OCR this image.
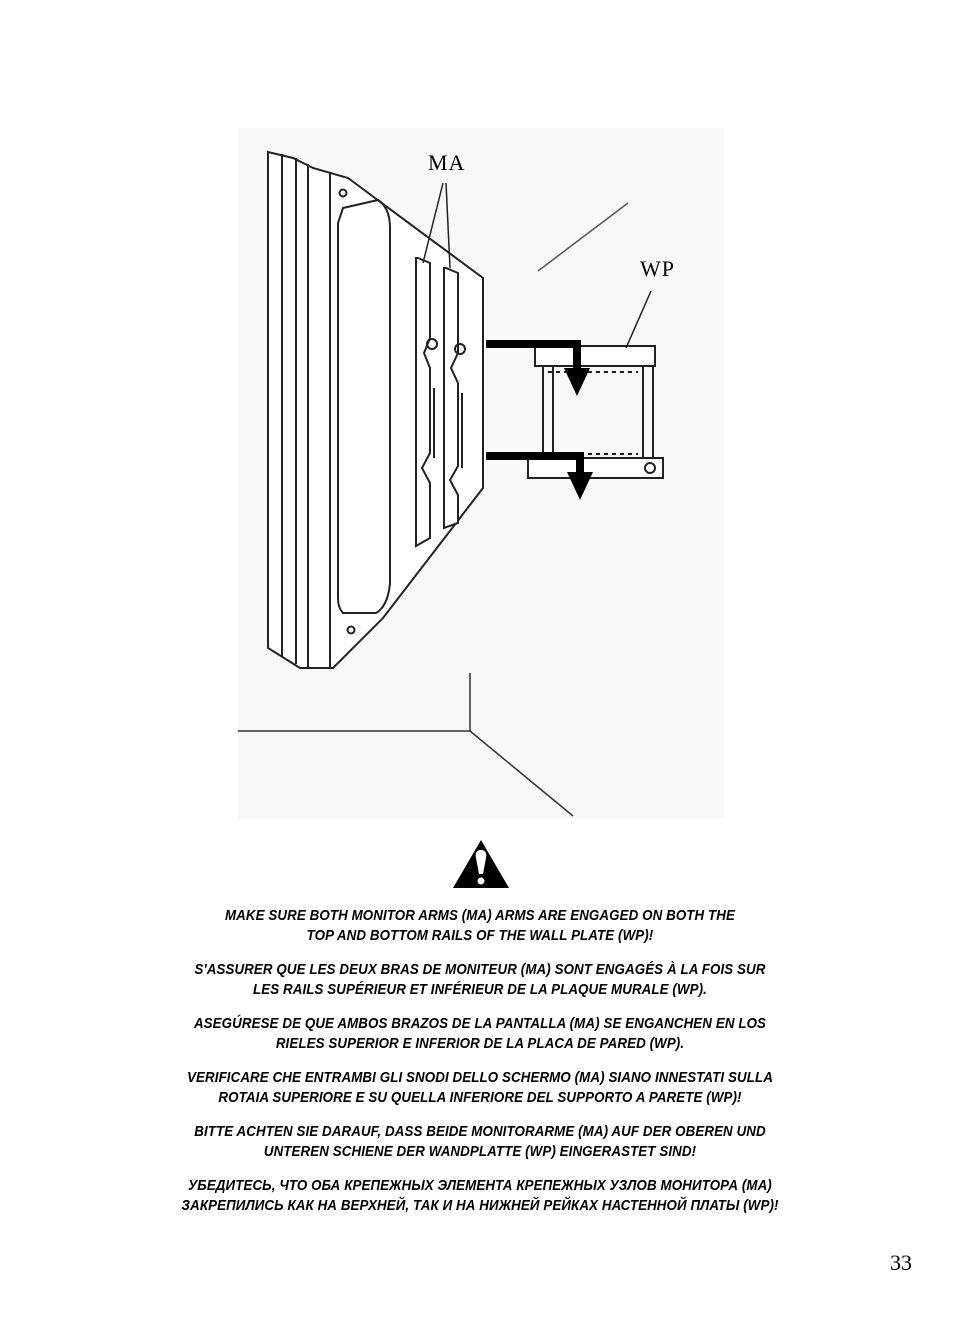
MA
WP

MAKE SURE BOTH MONITOR ARMS (MA) ARMS ARE ENGAGED ON BOTH THE
TOP AND BOTTOM RAILS OF THE WALL PLATE (WP)!

S'ASSURER QUE LES DEUX BRAS DE MONITEUR (MA) SONT ENGAGÉS À LA FOIS SUR
LES RAILS SUPÉRIEUR ET INFÉRIEUR DE LA PLAQUE MURALE (WP).

ASEGÚRESE DE QUE AMBOS BRAZOS DE LA PANTALLA (MA) SE ENGANCHEN EN LOS
RIELES SUPERIOR E INFERIOR DE LA PLACA DE PARED (WP).

VERIFICARE CHE ENTRAMBI GLI SNODI DELLO SCHERMO (MA) SIANO INNESTATI SULLA
ROTAIA SUPERIORE E SU QUELLA INFERIORE DEL SUPPORTO A PARETE (WP)!

BITTE ACHTEN SIE DARAUF, DASS BEIDE MONITORARME (MA) AUF DER OBEREN UND
UNTEREN SCHIENE DER WANDPLATTE (WP) EINGERASTET SIND!

УБЕДИТЕСЬ, ЧТО ОБА КРЕПЕЖНЫХ ЭЛЕМЕНТА КРЕПЕЖНЫХ УЗЛОВ МОНИТОРА (МА)
ЗАКРЕПИЛИСЬ КАК НА ВЕРХНЕЙ, ТАК И НА НИЖНЕЙ РЕЙКАХ НАСТЕННОЙ ПЛАТЫ (WP)!

33
